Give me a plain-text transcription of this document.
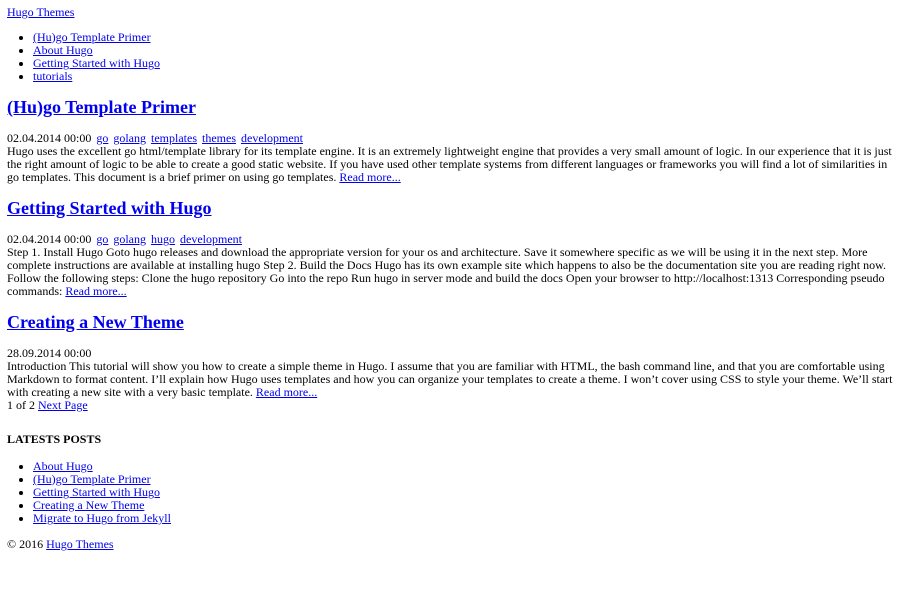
Hugo Themes
• (Hu)go Template Primer
• About Hugo
• Getting Started with Hugo
• tutorials
(Hu)go Template Primer
02.04.2014 00:00 go golang templates themes development
Hugo uses the excellent go html/template library for its template engine. It is an extremely lightweight engine that provides a very small amount of logic. In our experience that it is just the right amount of logic to be able to create a good static website. If you have used other template systems from different languages or frameworks you will find a lot of similarities in go templates. This document is a brief primer on using go templates. Read more...
Getting Started with Hugo
02.04.2014 00:00 go golang hugo development
Step 1. Install Hugo Goto hugo releases and download the appropriate version for your os and architecture. Save it somewhere specific as we will be using it in the next step. More complete instructions are available at installing hugo Step 2. Build the Docs Hugo has its own example site which happens to also be the documentation site you are reading right now. Follow the following steps: Clone the hugo repository Go into the repo Run hugo in server mode and build the docs Open your browser to http://localhost:1313 Corresponding pseudo commands: Read more...
Creating a New Theme
28.09.2014 00:00
Introduction This tutorial will show you how to create a simple theme in Hugo. I assume that you are familiar with HTML, the bash command line, and that you are comfortable using Markdown to format content. I’ll explain how Hugo uses templates and how you can organize your templates to create a theme. I won’t cover using CSS to style your theme. We’ll start with creating a new site with a very basic template. Read more...
1 of 2 Next Page
LATESTS POSTS
• About Hugo
• (Hu)go Template Primer
• Getting Started with Hugo
• Creating a New Theme
• Migrate to Hugo from Jekyll
© 2016 Hugo Themes
